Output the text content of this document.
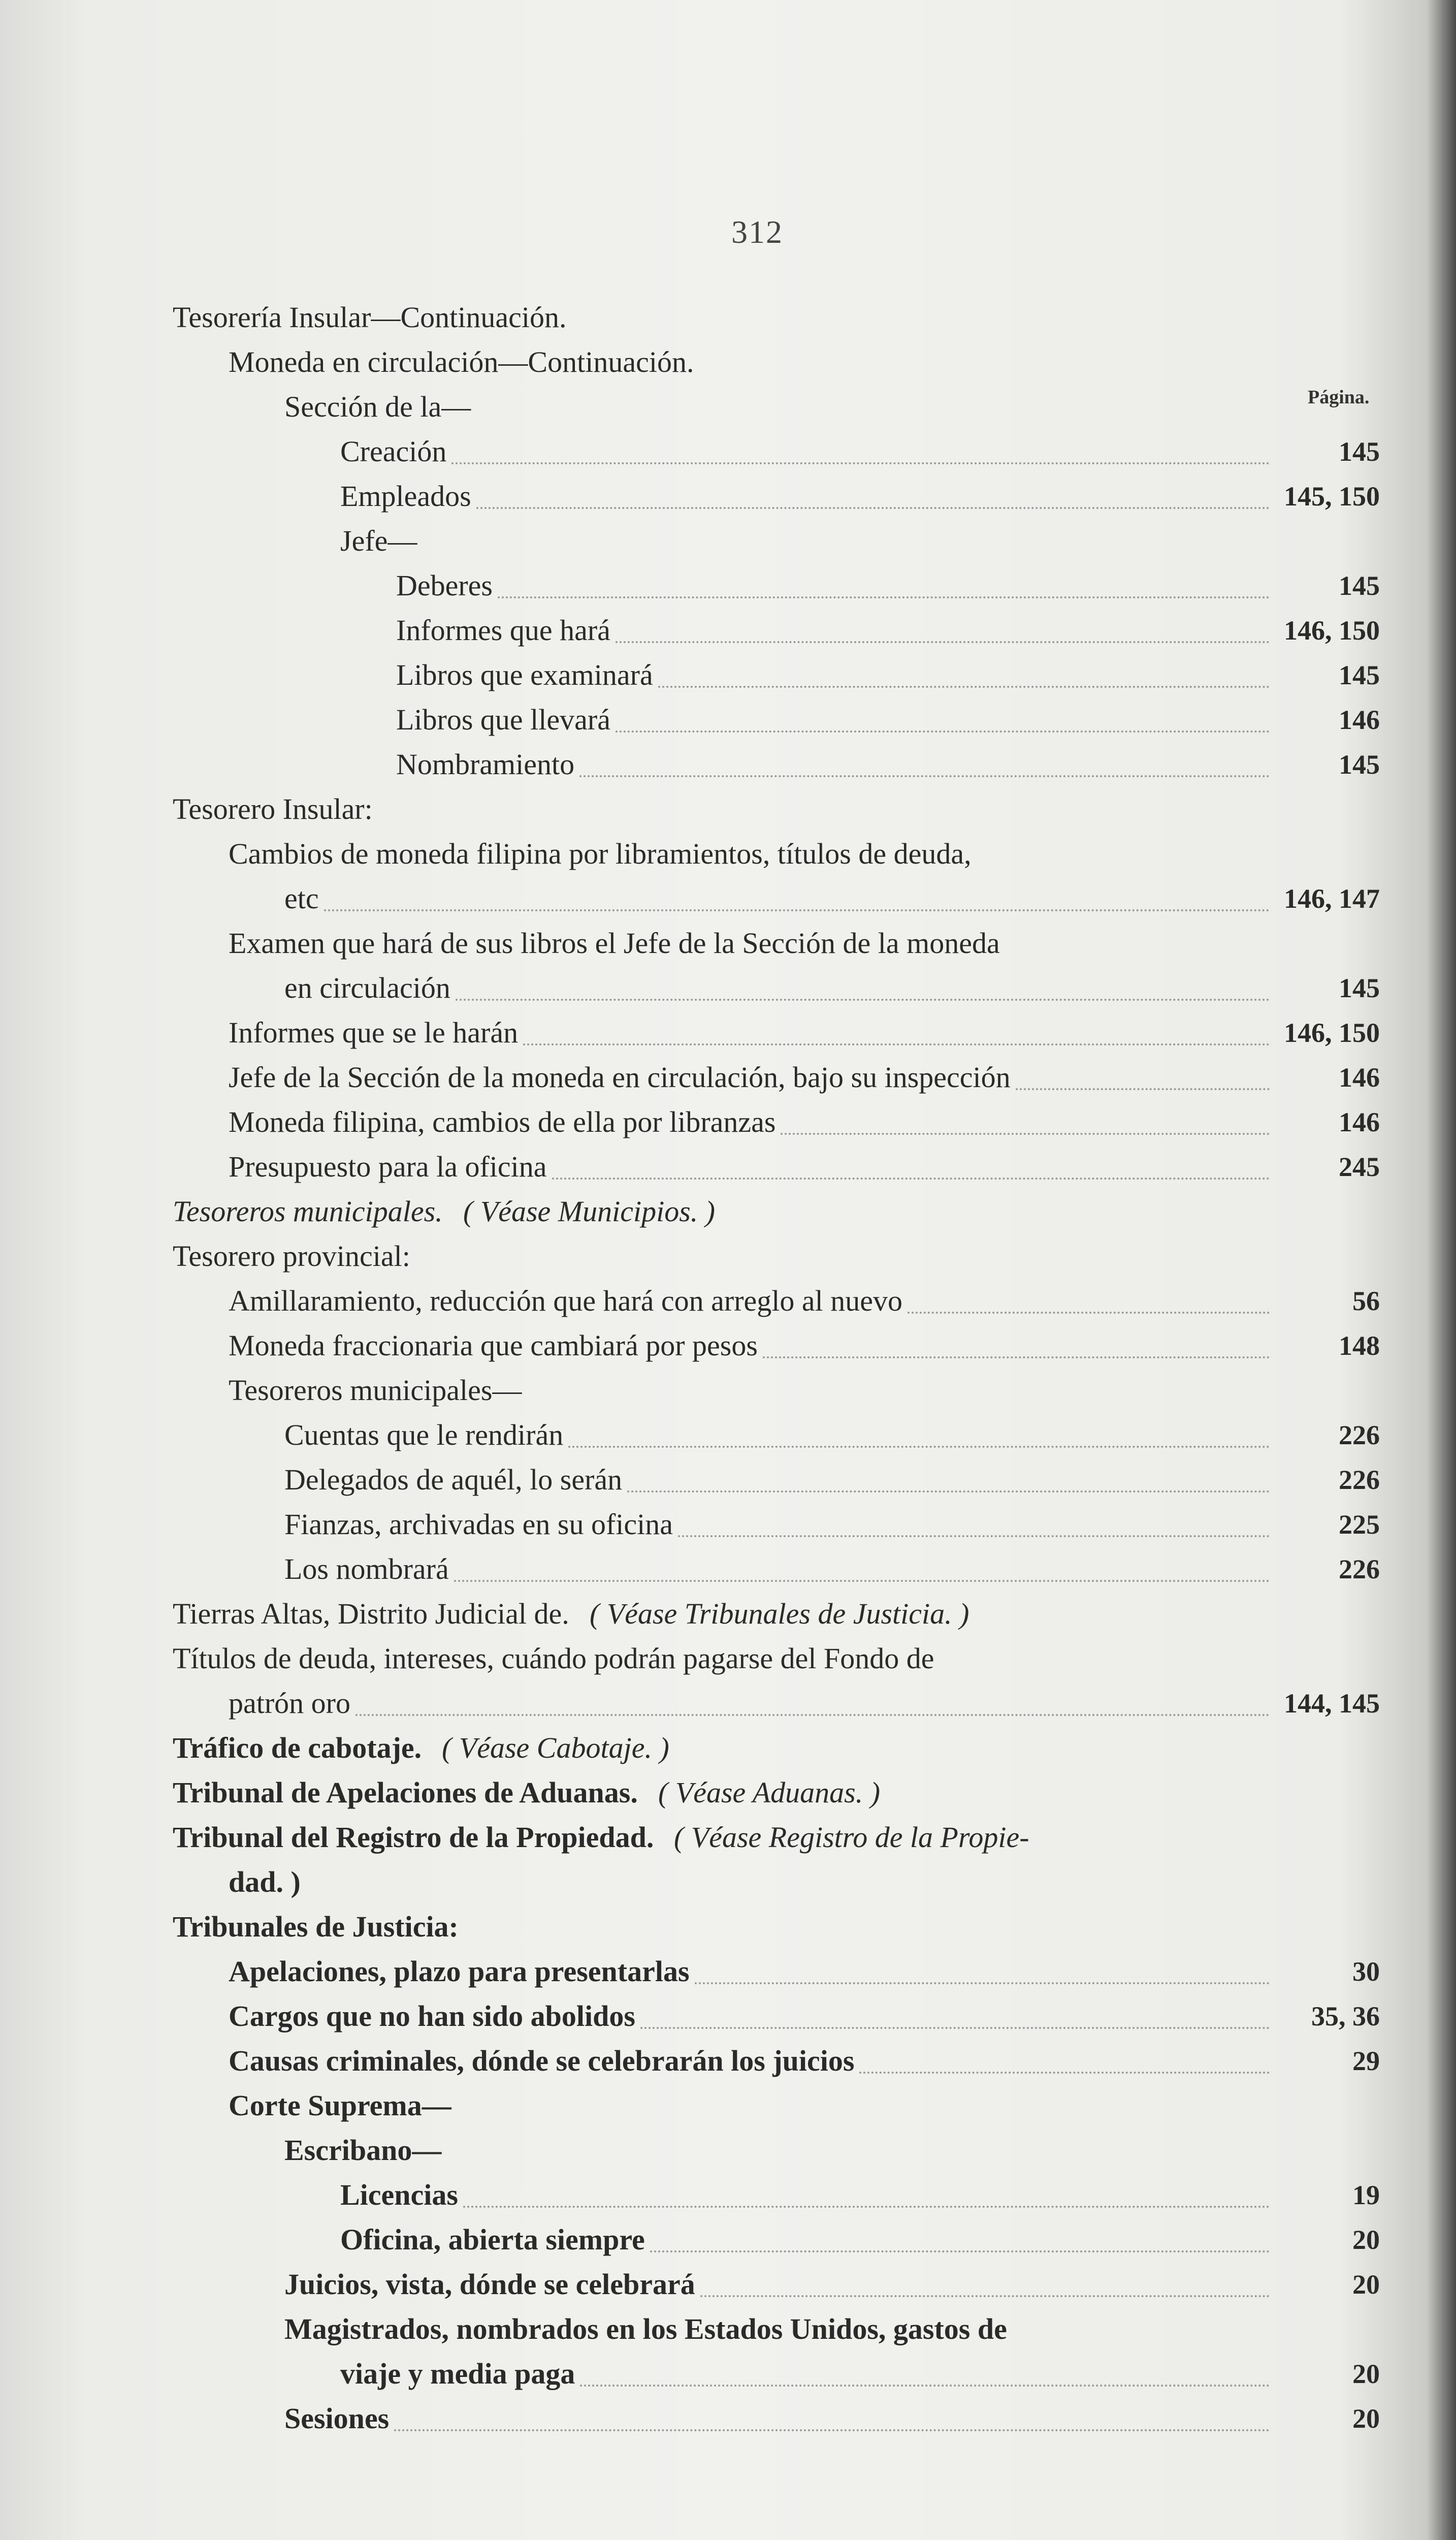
312
Página.
Tesorería Insular—Continuación.
Moneda en circulación—Continuación.
Sección de la—
Creación	145
Empleados	145, 150
Jefe—
Deberes	145
Informes que hará	146, 150
Libros que examinará	145
Libros que llevará	146
Nombramiento	145
Tesorero Insular:
Cambios de moneda filipina por libramientos, títulos de deuda,
etc	146, 147
Examen que hará de sus libros el Jefe de la Sección de la moneda
en circulación	145
Informes que se le harán	146, 150
Jefe de la Sección de la moneda en circulación, bajo su inspección	146
Moneda filipina, cambios de ella por libranzas	146
Presupuesto para la oficina	245
Tesoreros municipales. ( Véase Municipios. )
Tesorero provincial:
Amillaramiento, reducción que hará con arreglo al nuevo	56
Moneda fraccionaria que cambiará por pesos	148
Tesoreros municipales—
Cuentas que le rendirán	226
Delegados de aquél, lo serán	226
Fianzas, archivadas en su oficina	225
Los nombrará	226
Tierras Altas, Distrito Judicial de. ( Véase Tribunales de Justicia. )
Títulos de deuda, intereses, cuándo podrán pagarse del Fondo de
patrón oro	144, 145
Tráfico de cabotaje. ( Véase Cabotaje. )
Tribunal de Apelaciones de Aduanas. ( Véase Aduanas. )
Tribunal del Registro de la Propiedad. ( Véase Registro de la Propie-
dad. )
Tribunales de Justicia:
Apelaciones, plazo para presentarlas	30
Cargos que no han sido abolidos	35, 36
Causas criminales, dónde se celebrarán los juicios	29
Corte Suprema—
Escribano—
Licencias	19
Oficina, abierta siempre	20
Juicios, vista, dónde se celebrará	20
Magistrados, nombrados en los Estados Unidos, gastos de
viaje y media paga	20
Sesiones	20
